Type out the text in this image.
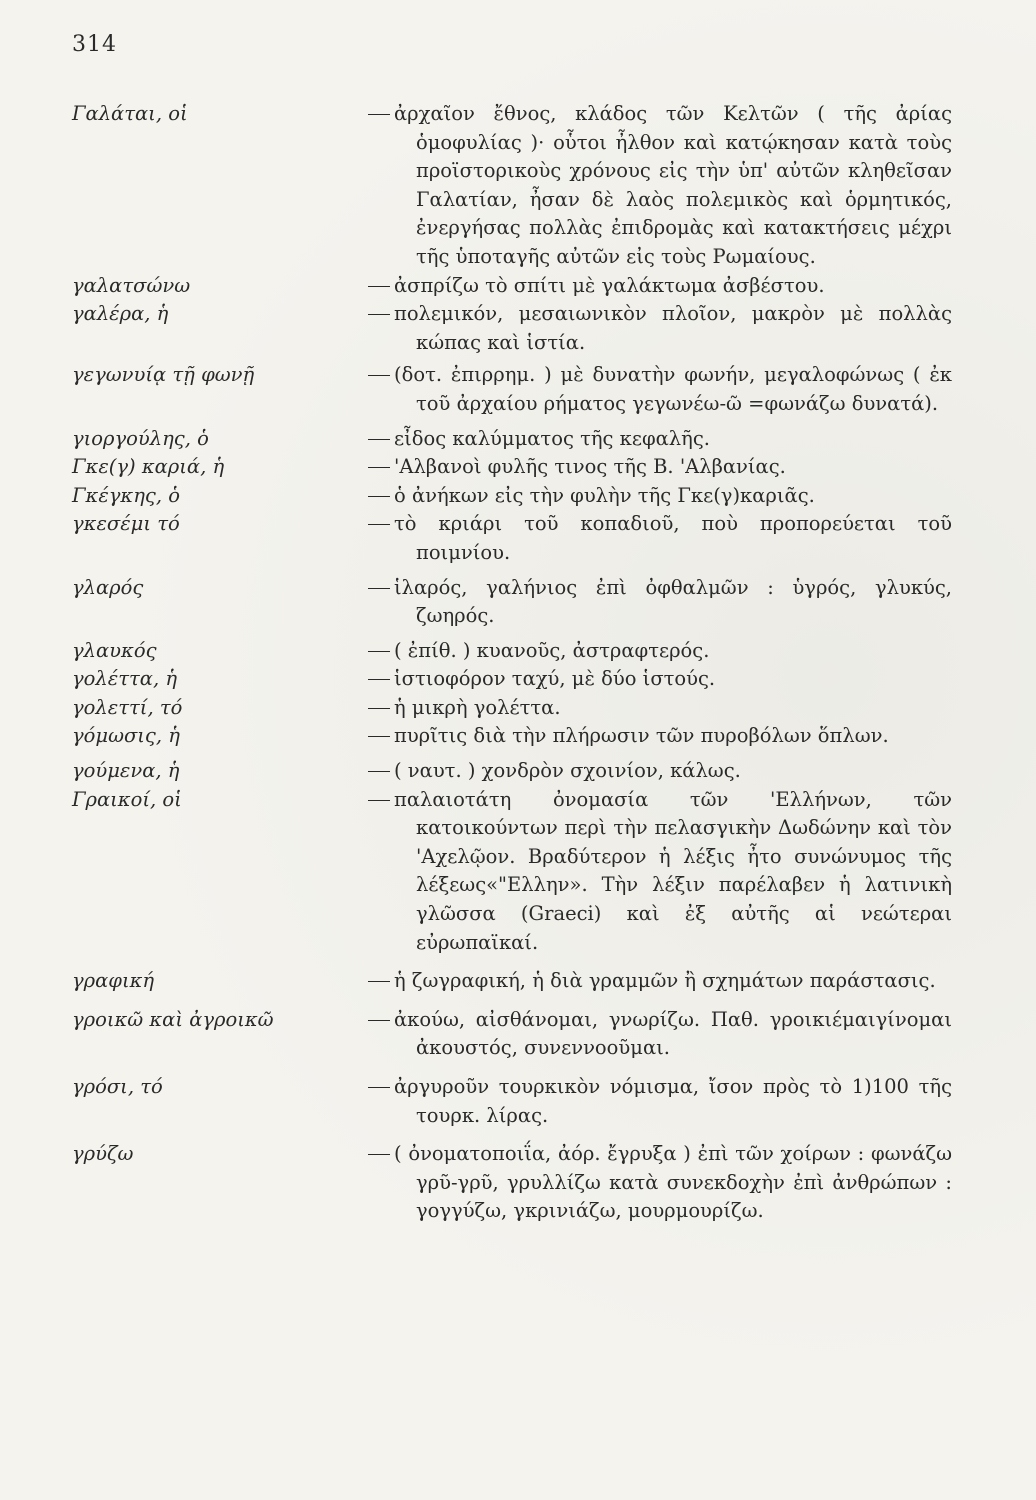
314
Γαλάται, οἱ	ἀρχαῖον ἔθνος, κλάδος τῶν Κελτῶν ( τῆς ἀρίας ὁμοφυλίας )· οὗτοι ἦλθον καὶ κατῴκησαν κατὰ τοὺς προϊστορικοὺς χρόνους εἰς τὴν ὑπ' αὐτῶν κληθεῖσαν Γαλατίαν, ἦσαν δὲ λαὸς πολεμικὸς καὶ ὁρμητικός, ἐνεργήσας πολλὰς ἐπιδρομὰς καὶ κατακτήσεις μέχρι τῆς ὑποταγῆς αὐτῶν εἰς τοὺς Ρωμαίους.
γαλατσώνω	ἀσπρίζω τὸ σπίτι μὲ γαλάκτωμα ἀσβέστου.
γαλέρα, ἡ	πολεμικόν, μεσαιωνικὸν πλοῖον, μακρὸν μὲ πολλὰς κώπας καὶ ἱστία.
γεγωνυίᾳ τῇ φωνῇ	(δοτ. ἐπιρρημ. ) μὲ δυνατὴν φωνήν, μεγαλοφώνως ( ἐκ τοῦ ἀρχαίου ρήματος γεγωνέω-ῶ =φωνάζω δυνατά).
γιοργούλης, ὁ	εἶδος καλύμματος τῆς κεφαλῆς.
Γκε(γ) καριά, ἡ	'Αλβανοὶ φυλῆς τινος τῆς Β. 'Αλβανίας.
Γκέγκης, ὁ	ὁ ἀνήκων εἰς τὴν φυλὴν τῆς Γκε(γ)καριᾶς.
γκεσέμι τό	τὸ κριάρι τοῦ κοπαδιοῦ, ποὺ προπορεύεται τοῦ ποιμνίου.
γλαρός	ἱλαρός, γαλήνιος ἐπὶ ὀφθαλμῶν : ὑγρός, γλυκύς, ζωηρός.
γλαυκός	( ἐπίθ. ) κυανοῦς, ἀστραφτερός.
γολέττα, ἡ	ἱστιοφόρον ταχύ, μὲ δύο ἱστούς.
γολεττί, τό	ἡ μικρὴ γολέττα.
γόμωσις, ἡ	πυρῖτις διὰ τὴν πλήρωσιν τῶν πυροβόλων ὅπλων.
γούμενα, ἡ	( ναυτ. ) χονδρὸν σχοινίον, κάλως.
Γραικοί, οἱ	παλαιοτάτη ὀνομασία τῶν 'Ελλήνων, τῶν κατοικούντων περὶ τὴν πελασγικὴν Δωδώνην καὶ τὸν 'Αχελῷον. Βραδύτερον ἡ λέξις ἦτο συνώνυμος τῆς λέξεως«"Ελλην». Τὴν λέξιν παρέλαβεν ἡ λατινικὴ γλῶσσα (Graeci) καὶ ἐξ αὐτῆς αἱ νεώτεραι εὐρωπαϊκαί.
γραφική	ἡ ζωγραφική, ἡ διὰ γραμμῶν ἢ σχημάτων παράστασις.
γροικῶ καὶ ἀγροικῶ	ἀκούω, αἰσθάνομαι, γνωρίζω. Παθ. γροικιέμαιγίνομαι ἀκουστός, συνεννοοῦμαι.
γρόσι, τό	ἀργυροῦν τουρκικὸν νόμισμα, ἴσον πρὸς τὸ 1)100 τῆς τουρκ. λίρας.
γρύζω	( ὀνοματοποιΐα, ἀόρ. ἔγρυξα ) ἐπὶ τῶν χοίρων : φωνάζω γρῦ-γρῦ, γρυλλίζω κατὰ συνεκδοχὴν ἐπὶ ἀνθρώπων : γογγύζω, γκρινιάζω, μουρμουρίζω.
